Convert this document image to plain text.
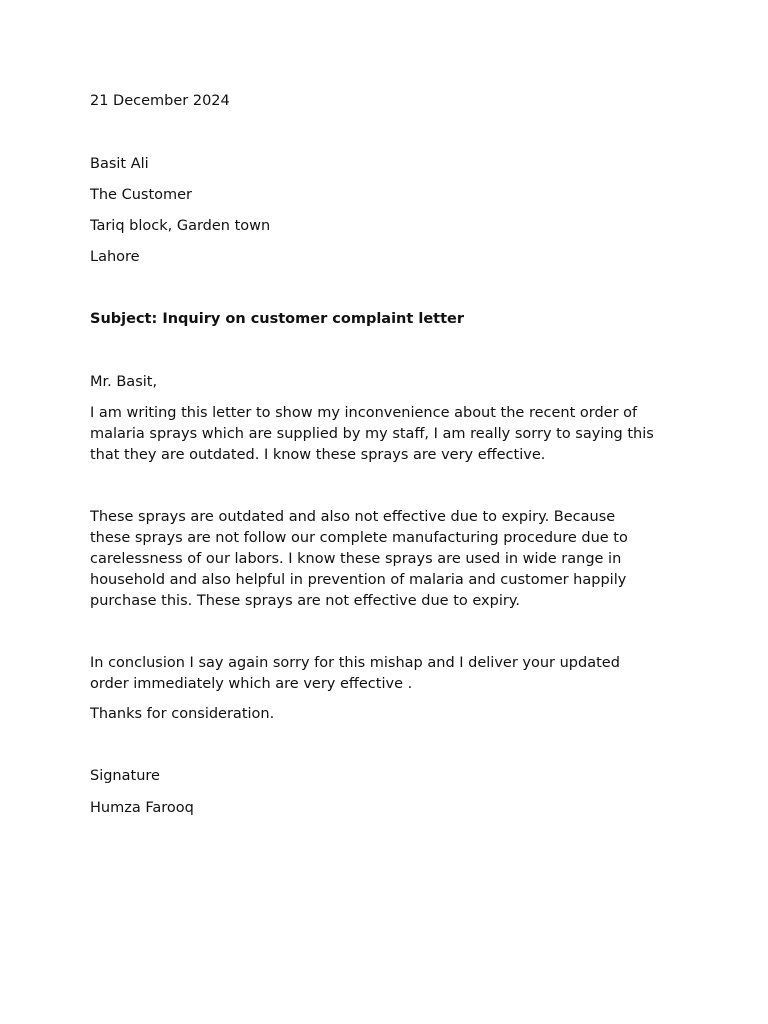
21 December 2024

Basit Ali

The Customer

Tariq block, Garden town

Lahore

Subject: Inquiry on customer complaint letter

Mr. Basit,

I am writing this letter to show my inconvenience about the recent order of
malaria sprays which are supplied by my staff, I am really sorry to saying this
that they are outdated. I know these sprays are very effective.
These sprays are outdated and also not effective due to expiry. Because
these sprays are not follow our complete manufacturing procedure due to
carelessness of our labors. I know these sprays are used in wide range in
household and also helpful in prevention of malaria and customer happily
purchase this. These sprays are not effective due to expiry.
In conclusion I say again sorry for this mishap and I deliver your updated
order immediately which are very effective .

Thanks for consideration.

Signature

Humza Farooq
